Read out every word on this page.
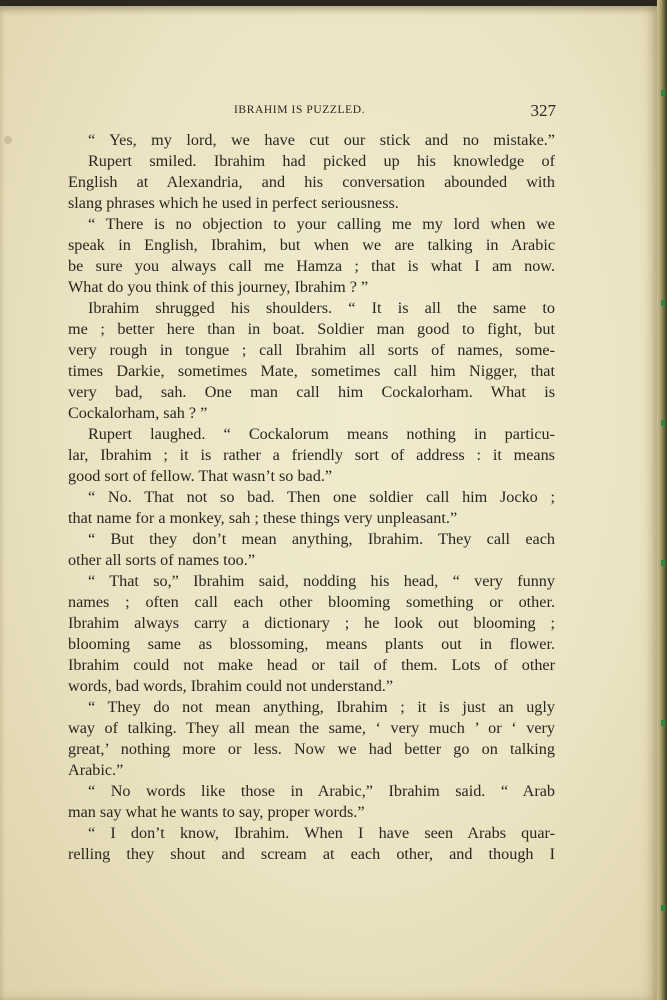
IBRAHIM IS PUZZLED.	327
“ Yes, my lord, we have cut our stick and no mistake.”
Rupert smiled. Ibrahim had picked up his knowledge of
English at Alexandria, and his conversation abounded with
slang phrases which he used in perfect seriousness.
“ There is no objection to your calling me my lord when we
speak in English, Ibrahim, but when we are talking in Arabic
be sure you always call me Hamza ; that is what I am now.
What do you think of this journey, Ibrahim ? ”
Ibrahim shrugged his shoulders. “ It is all the same to
me ; better here than in boat. Soldier man good to fight, but
very rough in tongue ; call Ibrahim all sorts of names, some-
times Darkie, sometimes Mate, sometimes call him Nigger, that
very bad, sah. One man call him Cockalorham. What is
Cockalorham, sah ? ”
Rupert laughed. “ Cockalorum means nothing in particu-
lar, Ibrahim ; it is rather a friendly sort of address : it means
good sort of fellow. That wasn’t so bad.”
“ No. That not so bad. Then one soldier call him Jocko ;
that name for a monkey, sah ; these things very unpleasant.”
“ But they don’t mean anything, Ibrahim. They call each
other all sorts of names too.”
“ That so,” Ibrahim said, nodding his head, “ very funny
names ; often call each other blooming something or other.
Ibrahim always carry a dictionary ; he look out blooming ;
blooming same as blossoming, means plants out in flower.
Ibrahim could not make head or tail of them. Lots of other
words, bad words, Ibrahim could not understand.”
“ They do not mean anything, Ibrahim ; it is just an ugly
way of talking. They all mean the same, ‘ very much ’ or ‘ very
great,’ nothing more or less. Now we had better go on talking
Arabic.”
“ No words like those in Arabic,” Ibrahim said. “ Arab
man say what he wants to say, proper words.”
“ I don’t know, Ibrahim. When I have seen Arabs quar-
relling they shout and scream at each other, and though I
